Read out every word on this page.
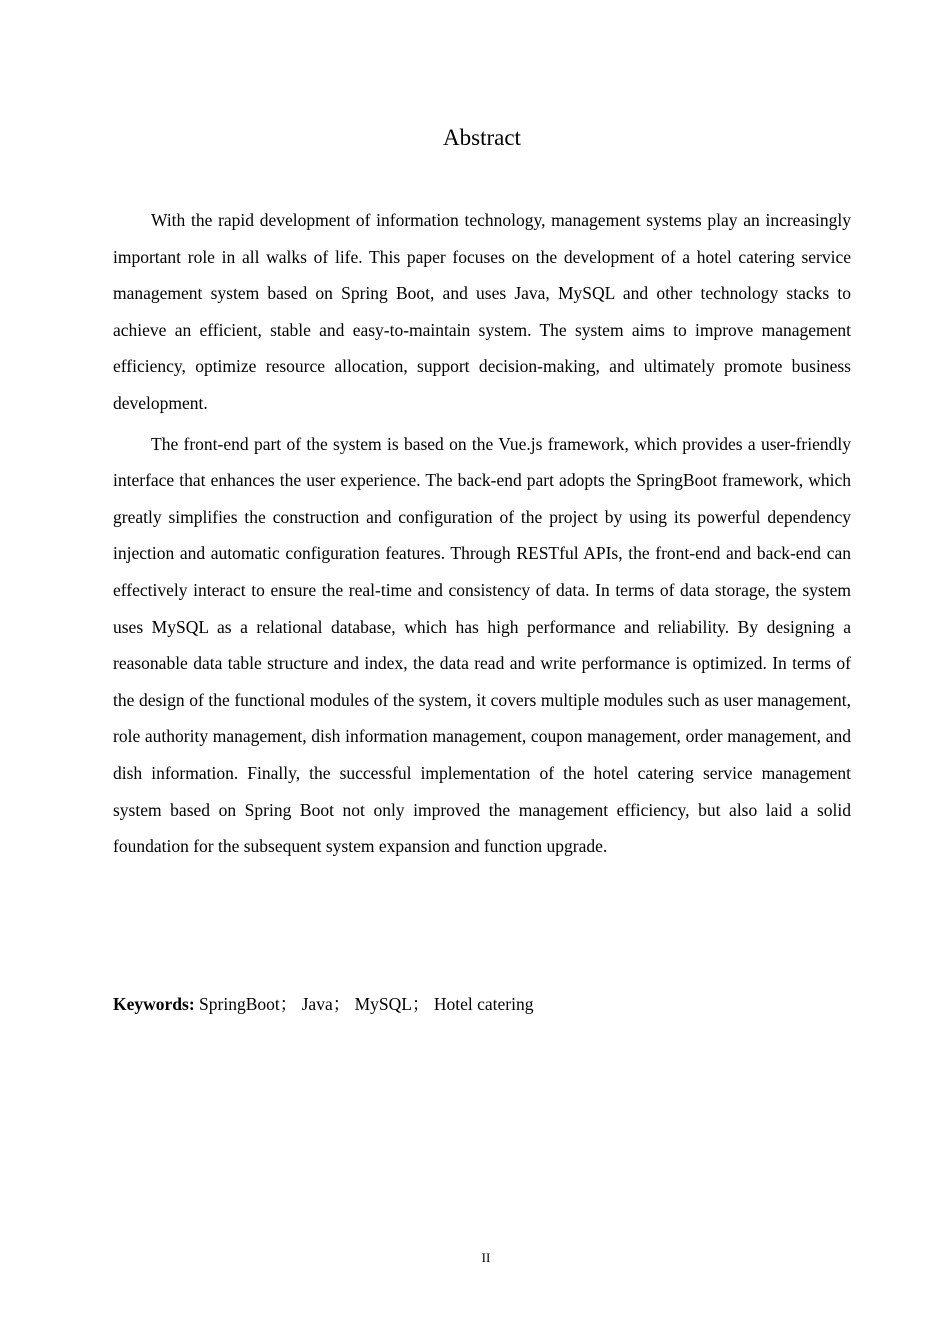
Abstract

With the rapid development of information technology, management systems play an increasingly important role in all walks of life. This paper focuses on the development of a hotel catering service management system based on Spring Boot, and uses Java, MySQL and other technology stacks to achieve an efficient, stable and easy-to-maintain system. The system aims to improve management efficiency, optimize resource allocation, support decision-making, and ultimately promote business development.

The front-end part of the system is based on the Vue.js framework, which provides a user-friendly interface that enhances the user experience. The back-end part adopts the SpringBoot framework, which greatly simplifies the construction and configuration of the project by using its powerful dependency injection and automatic configuration features. Through RESTful APIs, the front-end and back-end can effectively interact to ensure the real-time and consistency of data. In terms of data storage, the system uses MySQL as a relational database, which has high performance and reliability. By designing a reasonable data table structure and index, the data read and write performance is optimized. In terms of the design of the functional modules of the system, it covers multiple modules such as user management, role authority management, dish information management, coupon management, order management, and dish information. Finally, the successful implementation of the hotel catering service management system based on Spring Boot not only improved the management efficiency, but also laid a solid foundation for the subsequent system expansion and function upgrade.

Keywords: SpringBoot； Java； MySQL； Hotel catering
II
